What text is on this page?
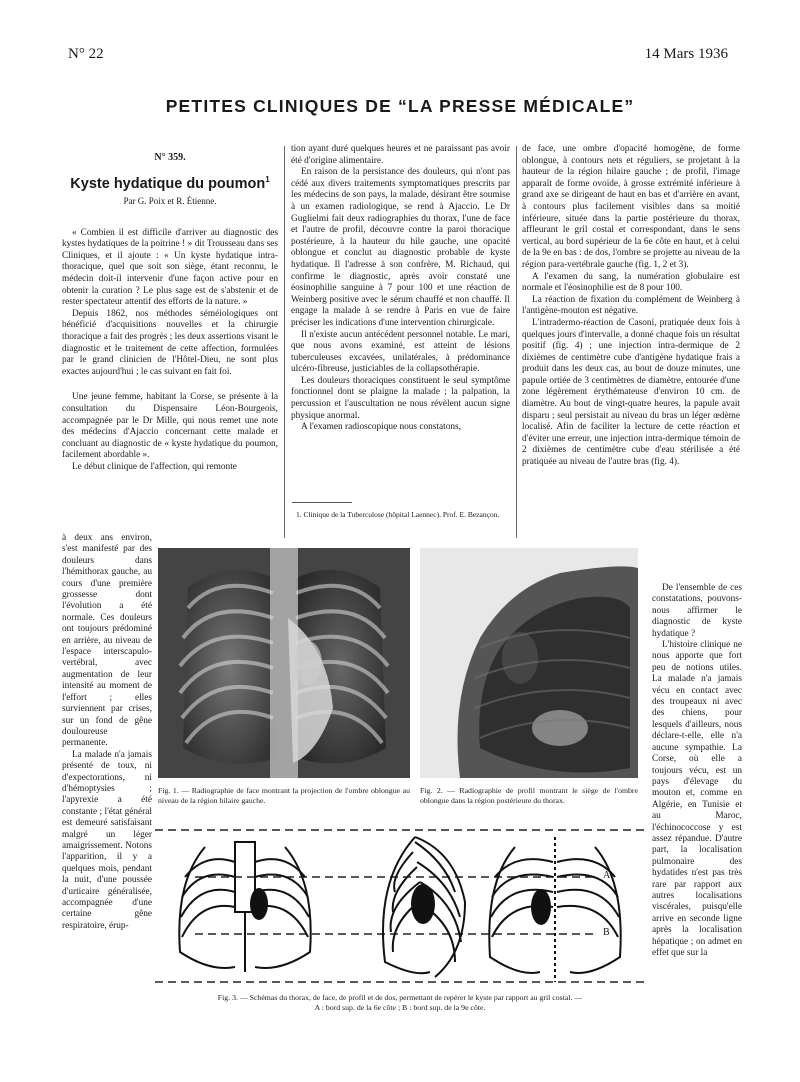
N° 22	14 Mars 1936
PETITES CLINIQUES DE “LA PRESSE MÉDICALE”
N° 359.
Kyste hydatique du poumon$^1$
Par G. Poix et R. Étienne.

« Combien il est difficile d'arriver au diagnostic des kystes hydatiques de la poitrine ! » dit Trousseau dans ses Cliniques, et il ajoute : « Un kyste hydatique intra-thoracique, quel que soit son siège, étant reconnu, le médecin doit-il intervenir d'une façon active pour en obtenir la curation ? Le plus sage est de s'abstenir et de rester spectateur attentif des efforts de la nature. »

Depuis 1862, nos méthodes séméiologiques ont bénéficié d'acquisitions nouvelles et la chirurgie thoracique a fait des progrès ; les deux assertions visant le diagnostic et le traitement de cette affection, formulées par le grand clinicien de l'Hôtel-Dieu, ne sont plus exactes aujourd'hui ; le cas suivant en fait foi.

Une jeune femme, habitant la Corse, se présente à la consultation du Dispensaire Léon-Bourgeois, accompagnée par le Dr Mille, qui nous remet une note des médecins d'Ajaccio concernant cette malade et concluant au diagnostic de « kyste hydatique du poumon, facilement abordable ».

Le début clinique de l'affection, qui remonte

à deux ans environ, s'est manifesté par des douleurs dans l'hémithorax gauche, au cours d'une première grossesse dont l'évolution a été normale. Ces douleurs ont toujours prédominé en arrière, au niveau de l'espace interscapulo-vertébral, avec augmentation de leur intensité au moment de l'effort ; elles surviennent par crises, sur un fond de gêne douloureuse permanente.

La malade n'a jamais présenté de toux, ni d'expectorations, ni d'hémoptysies ; l'apyrexie a été constante ; l'état général est demeuré satisfaisant malgré un léger amaigrissement. Notons l'apparition, il y a quelques mois, pendant la nuit, d'une poussée d'urticaire généralisée, accompagnée d'une certaine gêne respiratoire, érup-

tion ayant duré quelques heures et ne paraissant pas avoir été d'origine alimentaire.

En raison de la persistance des douleurs, qui n'ont pas cédé aux divers traitements symptomatiques prescrits par les médecins de son pays, la malade, désirant être soumise à un examen radiologique, se rend à Ajaccio. Le Dr Guglielmi fait deux radiographies du thorax, l'une de face et l'autre de profil, découvre contre la paroi thoracique postérieure, à la hauteur du hile gauche, une opacité oblongue et conclut au diagnostic probable de kyste hydatique. Il l'adresse à son confrère, M. Richaud, qui confirme le diagnostic, après avoir constaté une éosinophilie sanguine à 7 pour 100 et une réaction de Weinberg positive avec le sérum chauffé et non chauffé. Il engage la malade à se rendre à Paris en vue de faire préciser les indications d'une intervention chirurgicale.

Il n'existe aucun antécédent personnel notable. Le mari, que nous avons examiné, est atteint de lésions tuberculeuses excavées, unilatérales, à prédominance ulcéro-fibreuse, justiciables de la collapsothérapie.

Les douleurs thoraciques constituent le seul symptôme fonctionnel dont se plaigne la malade ; la palpation, la percussion et l'auscultation ne nous révèlent aucun signe physique anormal.

A l'examen radioscopique nous constatons,

1. Clinique de la Tuberculose (hôpital Laennec). Prof. E. Bezançon.

de face, une ombre d'opacité homogène, de forme oblongue, à contours nets et réguliers, se projetant à la hauteur de la région hilaire gauche ; de profil, l'image apparaît de forme ovoïde, à grosse extrémité inférieure à grand axe se dirigeant de haut en bas et d'arrière en avant, à contours plus facilement visibles dans sa moitié inférieure, située dans la partie postérieure du thorax, affleurant le gril costal et correspondant, dans le sens vertical, au bord supérieur de la 6e côte en haut, et à celui de la 9e en bas : de dos, l'ombre se projette au niveau de la région para-vertébrale gauche (fig. 1, 2 et 3).

A l'examen du sang, la numération globulaire est normale et l'éosinophilie est de 8 pour 100.

La réaction de fixation du complément de Weinberg à l'antigène-mouton est négative.

L'intradermo-réaction de Casoni, pratiquée deux fois à quelques jours d'intervalle, a donné chaque fois un résultat positif (fig. 4) ; une injection intra-dermique de 2 dixièmes de centimètre cube d'antigène hydatique frais a produit dans les deux cas, au bout de douze minutes, une papule ortiée de 3 centimètres de diamètre, entourée d'une zone légèrement érythémateuse d'environ 10 cm. de diamètre. Au bout de vingt-quatre heures, la papule avait disparu ; seul persistait au niveau du bras un léger œdème localisé. Afin de faciliter la lecture de cette réaction et d'éviter une erreur, une injection intra-dermique témoin de 2 dixièmes de centimètre cube d'eau stérilisée a été pratiquée au niveau de l'autre bras (fig. 4).

De l'ensemble de ces constatations, pouvons-nous affirmer le diagnostic de kyste hydatique ?

L'histoire clinique ne nous apporte que fort peu de notions utiles. La malade n'a jamais vécu en contact avec des troupeaux ni avec des chiens, pour lesquels d'ailleurs, nous déclare-t-elle, elle n'a aucune sympathie. La Corse, où elle a toujours vécu, est un pays d'élevage du mouton et, comme en Algérie, en Tunisie et au Maroc, l'échinococcose y est assez répandue. D'autre part, la localisation pulmonaire des hydatides n'est pas très rare par rapport aux autres localisations viscérales, puisqu'elle arrive en seconde ligne après la localisation hépatique ; on admet en effet que sur la

Fig. 1. — Radiographie de face montrant la projection de l'ombre oblongue au niveau de la région hilaire gauche.
Fig. 2. — Radiographie de profil montrant le siège de l'ombre oblongue dans la région postérieure du thorax.
A
B
Fig. 3. — Schémas du thorax, de face, de profil et de dos, permettant de repérer le kyste par rapport au gril costal. —
A : bord sup. de la 6e côte ; B : bord sup. de la 9e côte.
